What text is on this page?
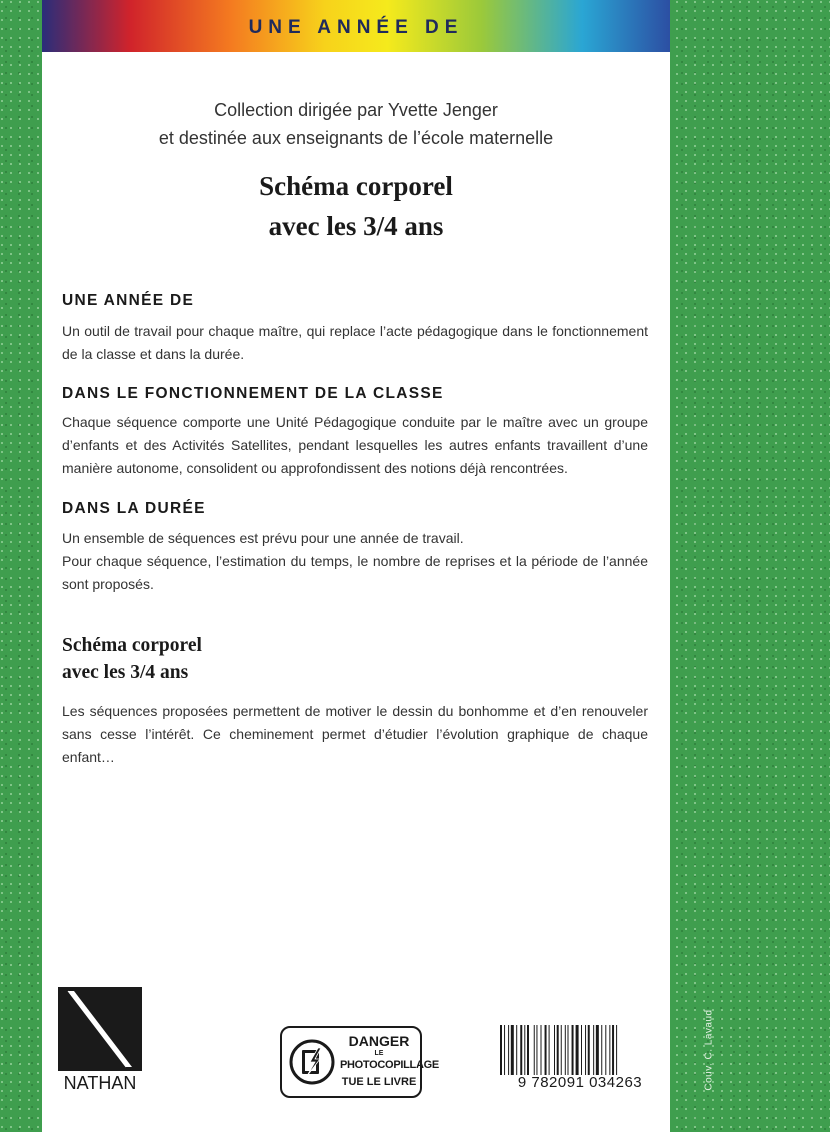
UNE ANNÉE DE
Collection dirigée par Yvette Jenger
et destinée aux enseignants de l’école maternelle
Schéma corporel
avec les 3/4 ans
UNE ANNÉE DE
Un outil de travail pour chaque maître, qui replace l’acte pédagogique dans le fonctionnement de la classe et dans la durée.
DANS LE FONCTIONNEMENT DE LA CLASSE
Chaque séquence comporte une Unité Pédagogique conduite par le maître avec un groupe d’enfants et des Activités Satellites, pendant lesquelles les autres enfants travaillent d’une manière autonome, consolident ou approfondissent des notions déjà rencontrées.
DANS LA DURÉE
Un ensemble de séquences est prévu pour une année de travail.
Pour chaque séquence, l’estimation du temps, le nombre de reprises et la période de l’année sont proposés.
Schéma corporel
avec les 3/4 ans
Les séquences proposées permettent de motiver le dessin du bonhomme et d’en renouveler sans cesse l’intérêt. Ce cheminement permet d’étudier l’évolution graphique de chaque enfant…
NATHAN
DANGER
LE
PHOTOCOPILLAGE
TUE LE LIVRE	9 782091 034263	Couv. C. Lavaud
